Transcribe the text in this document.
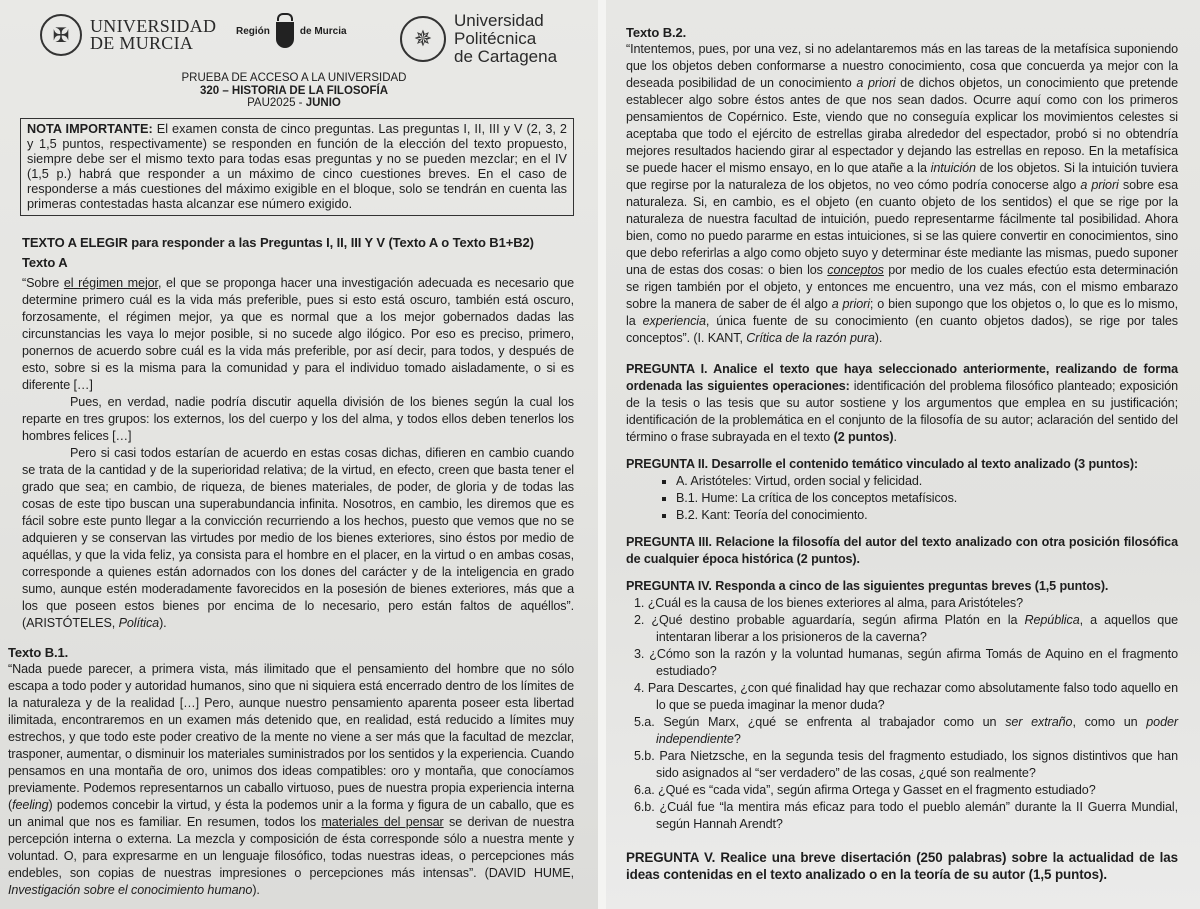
✠	UNIVERSIDAD
DE MURCIA
Región	de Murcia	✵
Universidad
Politécnica
de Cartagena
PRUEBA DE ACCESO A LA UNIVERSIDAD
320 – HISTORIA DE LA FILOSOFÍA
PAU2025 - JUNIO
NOTA IMPORTANTE: El examen consta de cinco preguntas. Las preguntas I, II, III y V (2, 3, 2 y 1,5 puntos, respectivamente) se responden en función de la elección del texto propuesto, siempre debe ser el mismo texto para todas esas preguntas y no se pueden mezclar; en el IV (1,5 p.) habrá que responder a un máximo de cinco cuestiones breves. En el caso de responderse a más cuestiones del máximo exigible en el bloque, solo se tendrán en cuenta las primeras contestadas hasta alcanzar ese número exigido.
TEXTO A ELEGIR para responder a las Preguntas I, II, III Y V (Texto A o Texto B1+B2)
Texto A

“Sobre el régimen mejor, el que se proponga hacer una investigación adecuada es necesario que determine primero cuál es la vida más preferible, pues si esto está oscuro, también está oscuro, forzosamente, el régimen mejor, ya que es normal que a los mejor gobernados dadas las circunstancias les vaya lo mejor posible, si no sucede algo ilógico. Por eso es preciso, primero, ponernos de acuerdo sobre cuál es la vida más preferible, por así decir, para todos, y después de esto, sobre si es la misma para la comunidad y para el individuo tomado aisladamente, o si es diferente […]

Pues, en verdad, nadie podría discutir aquella división de los bienes según la cual los reparte en tres grupos: los externos, los del cuerpo y los del alma, y todos ellos deben tenerlos los hombres felices […]

Pero si casi todos estarían de acuerdo en estas cosas dichas, difieren en cambio cuando se trata de la cantidad y de la superioridad relativa; de la virtud, en efecto, creen que basta tener el grado que sea; en cambio, de riqueza, de bienes materiales, de poder, de gloria y de todas las cosas de este tipo buscan una superabundancia infinita. Nosotros, en cambio, les diremos que es fácil sobre este punto llegar a la convicción recurriendo a los hechos, puesto que vemos que no se adquieren y se conservan las virtudes por medio de los bienes exteriores, sino éstos por medio de aquéllas, y que la vida feliz, ya consista para el hombre en el placer, en la virtud o en ambas cosas, corresponde a quienes están adornados con los dones del carácter y de la inteligencia en grado sumo, aunque estén moderadamente favorecidos en la posesión de bienes exteriores, más que a los que poseen estos bienes por encima de lo necesario, pero están faltos de aquéllos”. (ARISTÓTELES, Política).

Texto B.1.

“Nada puede parecer, a primera vista, más ilimitado que el pensamiento del hombre que no sólo escapa a todo poder y autoridad humanos, sino que ni siquiera está encerrado dentro de los límites de la naturaleza y de la realidad […] Pero, aunque nuestro pensamiento aparenta poseer esta libertad ilimitada, encontraremos en un examen más detenido que, en realidad, está reducido a límites muy estrechos, y que todo este poder creativo de la mente no viene a ser más que la facultad de mezclar, trasponer, aumentar, o disminuir los materiales suministrados por los sentidos y la experiencia. Cuando pensamos en una montaña de oro, unimos dos ideas compatibles: oro y montaña, que conocíamos previamente. Podemos representarnos un caballo virtuoso, pues de nuestra propia experiencia interna (feeling) podemos concebir la virtud, y ésta la podemos unir a la forma y figura de un caballo, que es un animal que nos es familiar. En resumen, todos los materiales del pensar se derivan de nuestra percepción interna o externa. La mezcla y composición de ésta corresponde sólo a nuestra mente y voluntad. O, para expresarme en un lenguaje filosófico, todas nuestras ideas, o percepciones más endebles, son copias de nuestras impresiones o percepciones más intensas”. (DAVID HUME, Investigación sobre el conocimiento humano).

Texto B.2.

“Intentemos, pues, por una vez, si no adelantaremos más en las tareas de la metafísica suponiendo que los objetos deben conformarse a nuestro conocimiento, cosa que concuerda ya mejor con la deseada posibilidad de un conocimiento a priori de dichos objetos, un conocimiento que pretende establecer algo sobre éstos antes de que nos sean dados. Ocurre aquí como con los primeros pensamientos de Copérnico. Este, viendo que no conseguía explicar los movimientos celestes si aceptaba que todo el ejército de estrellas giraba alrededor del espectador, probó si no obtendría mejores resultados haciendo girar al espectador y dejando las estrellas en reposo. En la metafísica se puede hacer el mismo ensayo, en lo que atañe a la intuición de los objetos. Si la intuición tuviera que regirse por la naturaleza de los objetos, no veo cómo podría conocerse algo a priori sobre esa naturaleza. Si, en cambio, es el objeto (en cuanto objeto de los sentidos) el que se rige por la naturaleza de nuestra facultad de intuición, puedo representarme fácilmente tal posibilidad. Ahora bien, como no puedo pararme en estas intuiciones, si se las quiere convertir en conocimientos, sino que debo referirlas a algo como objeto suyo y determinar éste mediante las mismas, puedo suponer una de estas dos cosas: o bien los conceptos por medio de los cuales efectúo esta determinación se rigen también por el objeto, y entonces me encuentro, una vez más, con el mismo embarazo sobre la manera de saber de él algo a priori; o bien supongo que los objetos o, lo que es lo mismo, la experiencia, única fuente de su conocimiento (en cuanto objetos dados), se rige por tales conceptos”. (I. KANT, Crítica de la razón pura).

PREGUNTA I. Analice el texto que haya seleccionado anteriormente, realizando de forma ordenada las siguientes operaciones: identificación del problema filosófico planteado; exposición de la tesis o las tesis que su autor sostiene y los argumentos que emplea en su justificación; identificación de la problemática en el conjunto de la filosofía de su autor; aclaración del sentido del término o frase subrayada en el texto (2 puntos).

PREGUNTA II. Desarrolle el contenido temático vinculado al texto analizado (3 puntos):

▪ A. Aristóteles: Virtud, orden social y felicidad.
▪ B.1. Hume: La crítica de los conceptos metafísicos.
▪ B.2. Kant: Teoría del conocimiento.

PREGUNTA III. Relacione la filosofía del autor del texto analizado con otra posición filosófica de cualquier época histórica (2 puntos).

PREGUNTA IV. Responda a cinco de las siguientes preguntas breves (1,5 puntos).

1. ¿Cuál es la causa de los bienes exteriores al alma, para Aristóteles?
2. ¿Qué destino probable aguardaría, según afirma Platón en la República, a aquellos que intentaran liberar a los prisioneros de la caverna?
3. ¿Cómo son la razón y la voluntad humanas, según afirma Tomás de Aquino en el fragmento estudiado?
4. Para Descartes, ¿con qué finalidad hay que rechazar como absolutamente falso todo aquello en lo que se pueda imaginar la menor duda?
5.a. Según Marx, ¿qué se enfrenta al trabajador como un ser extraño, como un poder independiente?
5.b. Para Nietzsche, en la segunda tesis del fragmento estudiado, los signos distintivos que han sido asignados al “ser verdadero” de las cosas, ¿qué son realmente?
6.a. ¿Qué es “cada vida”, según afirma Ortega y Gasset en el fragmento estudiado?
6.b. ¿Cuál fue “la mentira más eficaz para todo el pueblo alemán” durante la II Guerra Mundial, según Hannah Arendt?

PREGUNTA V. Realice una breve disertación (250 palabras) sobre la actualidad de las ideas contenidas en el texto analizado o en la teoría de su autor (1,5 puntos).
